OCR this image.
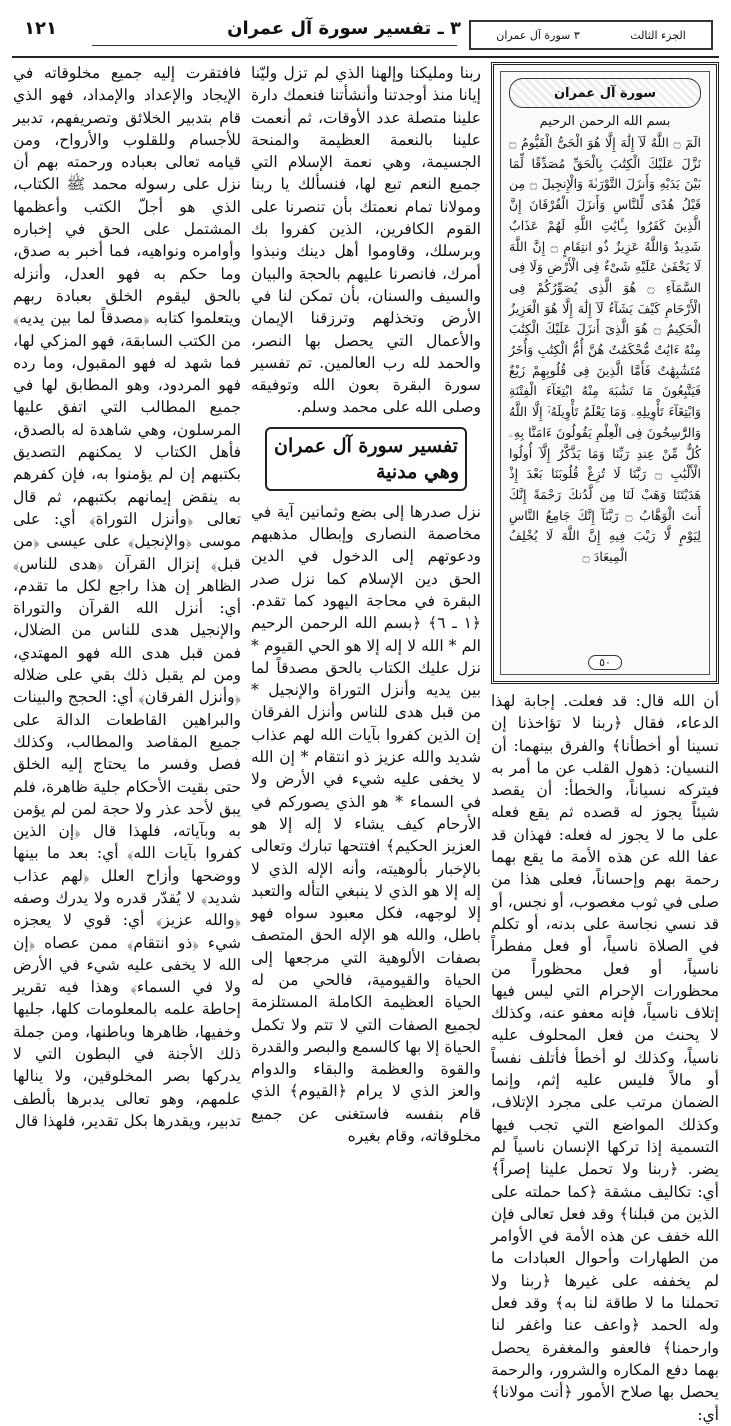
١٢١	٣ ـ تفسير سورة آل عمران	الجزء الثالث
٣ سورة آل عمران
سورة آل عمران
بسم الله الرحمن الرحيم
الٓمٓ ۝ اللَّهُ لَآ إِلَٰهَ إِلَّا هُوَ الْحَىُّ الْقَيُّومُ ۝ نَزَّلَ عَلَيْكَ الْكِتَٰبَ بِالْحَقِّ مُصَدِّقًا لِّمَا بَيْنَ يَدَيْهِ وَأَنزَلَ التَّوْرَىٰةَ وَالْإِنجِيلَ ۝ مِن قَبْلُ هُدًى لِّلنَّاسِ وَأَنزَلَ الْفُرْقَانَ إِنَّ الَّذِينَ كَفَرُوا بِـَٔايَٰتِ اللَّهِ لَهُمْ عَذَابٌ شَدِيدٌ وَاللَّهُ عَزِيزٌ ذُو انتِقَامٍ ۝ إِنَّ اللَّهَ لَا يَخْفَىٰ عَلَيْهِ شَىْءٌ فِى الْأَرْضِ وَلَا فِى السَّمَآءِ ۝ هُوَ الَّذِى يُصَوِّرُكُمْ فِى الْأَرْحَامِ كَيْفَ يَشَآءُ لَآ إِلَٰهَ إِلَّا هُوَ الْعَزِيزُ الْحَكِيمُ ۝ هُوَ الَّذِىٓ أَنزَلَ عَلَيْكَ الْكِتَٰبَ مِنْهُ ءَايَٰتٌ مُّحْكَمَٰتٌ هُنَّ أُمُّ الْكِتَٰبِ وَأُخَرُ مُتَشَٰبِهَٰتٌ فَأَمَّا الَّذِينَ فِى قُلُوبِهِمْ زَيْغٌ فَيَتَّبِعُونَ مَا تَشَٰبَهَ مِنْهُ ابْتِغَآءَ الْفِتْنَةِ وَابْتِغَآءَ تَأْوِيلِهِۦ وَمَا يَعْلَمُ تَأْوِيلَهُۥٓ إِلَّا اللَّهُ وَالرَّٰسِخُونَ فِى الْعِلْمِ يَقُولُونَ ءَامَنَّا بِهِۦ كُلٌّ مِّنْ عِندِ رَبِّنَا وَمَا يَذَّكَّرُ إِلَّآ أُولُوا الْأَلْبَٰبِ ۝ رَبَّنَا لَا تُزِغْ قُلُوبَنَا بَعْدَ إِذْ هَدَيْتَنَا وَهَبْ لَنَا مِن لَّدُنكَ رَحْمَةً إِنَّكَ أَنتَ الْوَهَّابُ ۝ رَبَّنَآ إِنَّكَ جَامِعُ النَّاسِ لِيَوْمٍ لَّا رَيْبَ فِيهِ إِنَّ اللَّهَ لَا يُخْلِفُ الْمِيعَادَ ۝
٥٠

أن الله قال: قد فعلت. إجابة لهذا الدعاء، فقال ﴿ربنا لا تؤاخذنا إن نسينا أو أخطأنا﴾ والفرق بينهما: أن النسيان: ذهول القلب عن ما أمر به فيتركه نسياناً، والخطأ: أن يقصد شيئاً يجوز له قصده ثم يقع فعله على ما لا يجوز له فعله: فهذان قد عفا الله عن هذه الأمة ما يقع بهما رحمة بهم وإحساناً، فعلى هذا من صلى في ثوب مغصوب، أو نجس، أو قد نسي نجاسة على بدنه، أو تكلم في الصلاة ناسياً، أو فعل مفطراً ناسياً، أو فعل محظوراً من محظورات الإحرام التي ليس فيها إتلاف ناسياً، فإنه معفو عنه، وكذلك لا يحنث من فعل المحلوف عليه ناسياً، وكذلك لو أخطأ فأتلف نفساً أو مالاً فليس عليه إثم، وإنما الضمان مرتب على مجرد الإتلاف، وكذلك المواضع التي تجب فيها التسمية إذا تركها الإنسان ناسياً لم يضر. ﴿ربنا ولا تحمل علينا إصراً﴾ أي: تكاليف مشقة ﴿كما حملته على الذين من قبلنا﴾ وقد فعل تعالى فإن الله خفف عن هذه الأمة في الأوامر من الطهارات وأحوال العبادات ما لم يخففه على غيرها ﴿ربنا ولا تحملنا ما لا طاقة لنا به﴾ وقد فعل وله الحمد ﴿واعف عنا واغفر لنا وارحمنا﴾ فالعفو والمغفرة يحصل بهما دفع المكاره والشرور، والرحمة يحصل بها صلاح الأمور ﴿أنت مولانا﴾ أي:

ربنا ومليكنا وإلهنا الذي لم تزل وليّنا إيانا منذ أوجدتنا وأنشأتنا فنعمك دارة علينا متصلة عدد الأوقات، ثم أنعمت علينا بالنعمة العظيمة والمنحة الجسيمة، وهي نعمة الإسلام التي جميع النعم تبع لها، فنسألك يا ربنا ومولانا تمام نعمتك بأن تنصرنا على القوم الكافرين، الذين كفروا بك وبرسلك، وقاوموا أهل دينك ونبذوا أمرك، فانصرنا عليهم بالحجة والبيان والسيف والسنان، بأن تمكن لنا في الأرض وتخذلهم وترزقنا الإيمان والأعمال التي يحصل بها النصر، والحمد لله رب العالمين. تم تفسير سورة البقرة بعون الله وتوفيقه وصلى الله على محمد وسلم.

تفسير سورة آل عمران وهي مدنية

نزل صدرها إلى بضع وثمانين آية في مخاصمة النصارى وإبطال مذهبهم ودعوتهم إلى الدخول في الدين الحق دين الإسلام كما نزل صدر البقرة في محاجة اليهود كما تقدم. ﴿١ ـ ٦﴾ ﴿بسم الله الرحمن الرحيم الم * الله لا إله إلا هو الحي القيوم * نزل عليك الكتاب بالحق مصدقاً لما بين يديه وأنزل التوراة والإنجيل * من قبل هدى للناس وأنزل الفرقان إن الذين كفروا بآيات الله لهم عذاب شديد والله عزيز ذو انتقام * إن الله لا يخفى عليه شيء في الأرض ولا في السماء * هو الذي يصوركم في الأرحام كيف يشاء لا إله إلا هو العزيز الحكيم﴾ افتتحها تبارك وتعالى بالإخبار بألوهيته، وأنه الإله الذي لا إله إلا هو الذي لا ينبغي التأله والتعبد إلا لوجهه، فكل معبود سواه فهو باطل، والله هو الإله الحق المتصف بصفات الألوهية التي مرجعها إلى الحياة والقيومية، فالحي من له الحياة العظيمة الكاملة المستلزمة لجميع الصفات التي لا تتم ولا تكمل الحياة إلا بها كالسمع والبصر والقدرة والقوة والعظمة والبقاء والدوام والعز الذي لا يرام ﴿القيوم﴾ الذي قام بنفسه فاستغنى عن جميع مخلوقاته، وقام بغيره

فافتقرت إليه جميع مخلوقاته في الإيجاد والإعداد والإمداد، فهو الذي قام بتدبير الخلائق وتصريفهم، تدبير للأجسام وللقلوب والأرواح، ومن قيامه تعالى بعباده ورحمته بهم أن نزل على رسوله محمد ﷺ الكتاب، الذي هو أجلّ الكتب وأعظمها المشتمل على الحق في إخباره وأوامره ونواهيه، فما أخبر به صدق، وما حكم به فهو العدل، وأنزله بالحق ليقوم الخلق بعبادة ربهم ويتعلموا كتابه ﴿مصدقاً لما بين يديه﴾ من الكتب السابقة، فهو المزكي لها، فما شهد له فهو المقبول، وما رده فهو المردود، وهو المطابق لها في جميع المطالب التي اتفق عليها المرسلون، وهي شاهدة له بالصدق، فأهل الكتاب لا يمكنهم التصديق بكتبهم إن لم يؤمنوا به، فإن كفرهم به ينقض إيمانهم بكتبهم، ثم قال تعالى ﴿وأنزل التوراة﴾ أي: على موسى ﴿والإنجيل﴾ على عيسى ﴿من قبل﴾ إنزال القرآن ﴿هدى للناس﴾ الظاهر إن هذا راجع لكل ما تقدم، أي: أنزل الله القرآن والتوراة والإنجيل هدى للناس من الضلال، فمن قبل هدى الله فهو المهتدي، ومن لم يقبل ذلك بقي على ضلاله ﴿وأنزل الفرقان﴾ أي: الحجج والبينات والبراهين القاطعات الدالة على جميع المقاصد والمطالب، وكذلك فصل وفسر ما يحتاج إليه الخلق حتى بقيت الأحكام جلية ظاهرة، فلم يبق لأحد عذر ولا حجة لمن لم يؤمن به وبآياته، فلهذا قال ﴿إن الذين كفروا بآيات الله﴾ أي: بعد ما بينها ووضحها وأزاح العلل ﴿لهم عذاب شديد﴾ لا يُقدّر قدره ولا يدرك وصفه ﴿والله عزيز﴾ أي: قوي لا يعجزه شيء ﴿ذو انتقام﴾ ممن عصاه ﴿إن الله لا يخفى عليه شيء في الأرض ولا في السماء﴾ وهذا فيه تقرير إحاطة علمه بالمعلومات كلها، جليها وخفيها، ظاهرها وباطنها، ومن جملة ذلك الأجنة في البطون التي لا يدركها بصر المخلوقين، ولا ينالها علمهم، وهو تعالى يدبرها بألطف تدبير، ويقدرها بكل تقدير، فلهذا قال
